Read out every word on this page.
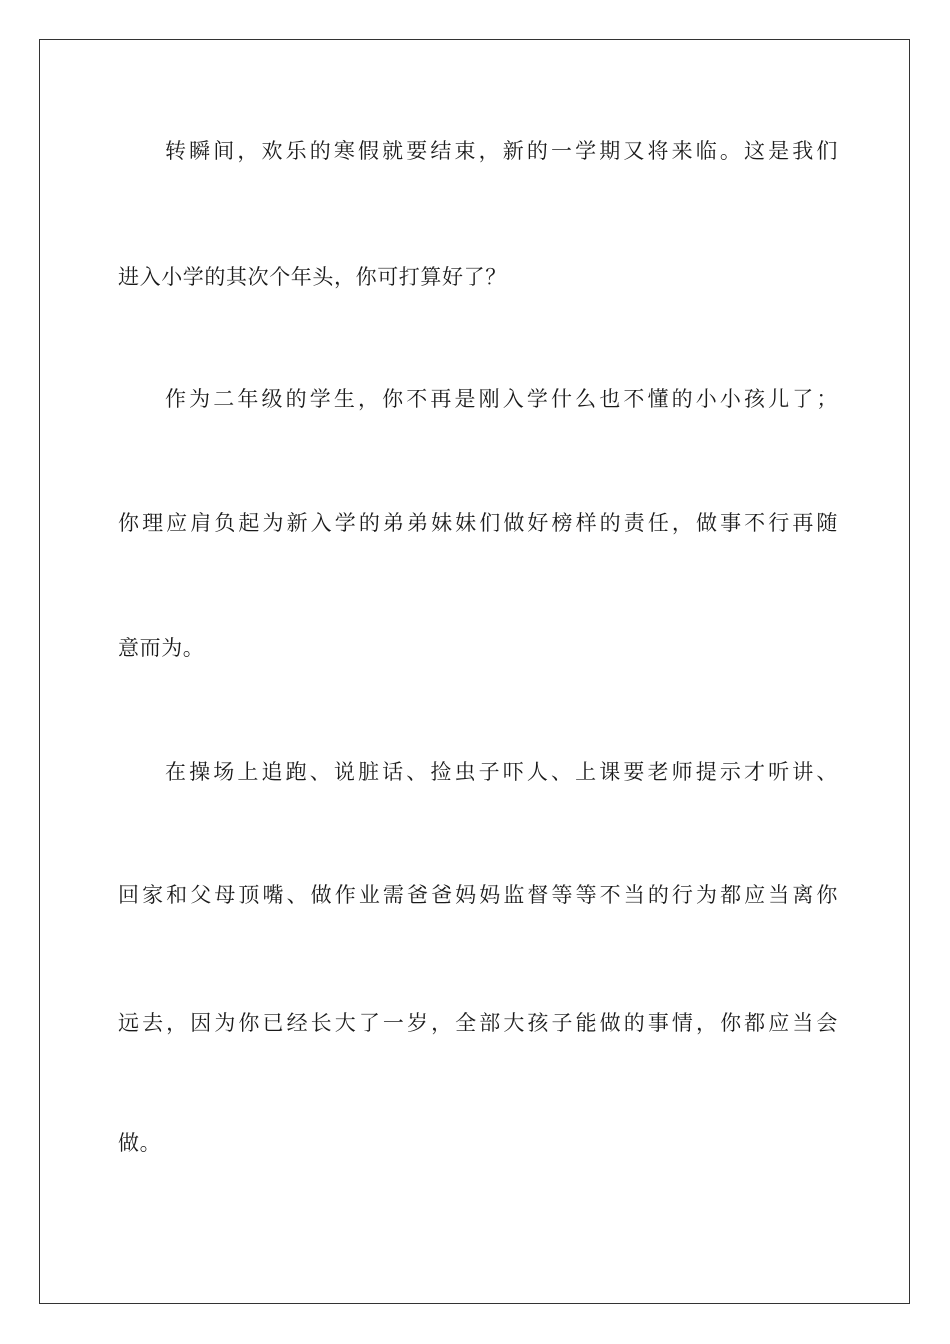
转瞬间，欢乐的寒假就要结束，新的一学期又将来临。这是我们
进入小学的其次个年头，你可打算好了？
作为二年级的学生，你不再是刚入学什么也不懂的小小孩儿了；
你理应肩负起为新入学的弟弟妹妹们做好榜样的责任，做事不行再随
意而为。
在操场上追跑、说脏话、捡虫子吓人、上课要老师提示才听讲、
回家和父母顶嘴、做作业需爸爸妈妈监督等等不当的行为都应当离你
远去，因为你已经长大了一岁，全部大孩子能做的事情，你都应当会
做。
